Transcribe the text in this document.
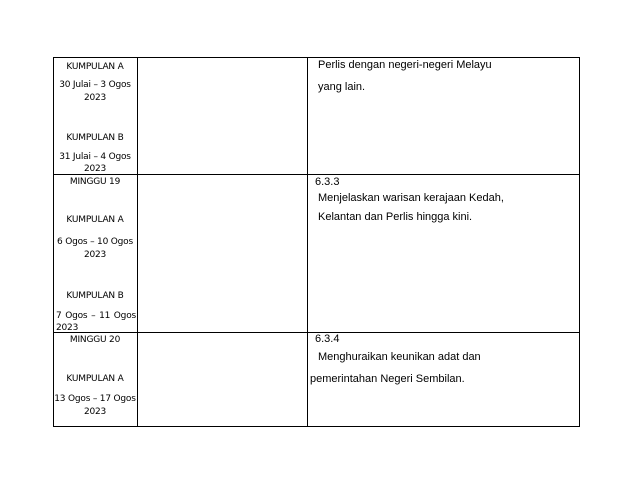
KUMPULAN A
30 Julai – 3 Ogos
2023
KUMPULAN B
31 Julai – 4 Ogos
2023
Perlis dengan negeri-negeri Melayu
yang lain.
MINGGU 19
KUMPULAN A
6 Ogos – 10 Ogos
2023
KUMPULAN B
7 Ogos – 11 Ogos
2023
6.3.3
Menjelaskan warisan kerajaan Kedah,
Kelantan dan Perlis hingga kini.
MINGGU 20
KUMPULAN A
13 Ogos – 17 Ogos
2023
6.3.4
Menghuraikan keunikan adat dan
pemerintahan Negeri Sembilan.
